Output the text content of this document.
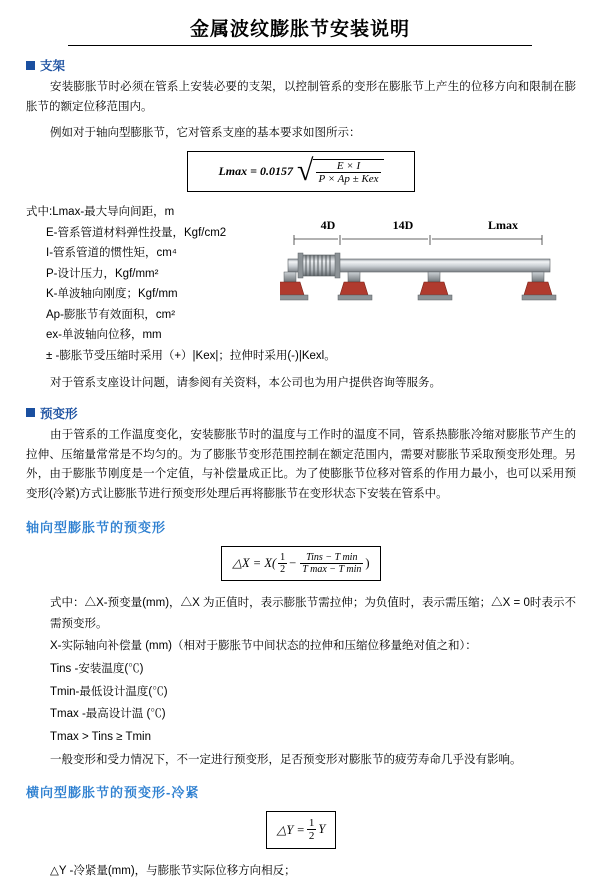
金属波纹膨胀节安装说明
支架

安装膨胀节时必须在管系上安装必要的支架，以控制管系的变形在膨胀节上产生的位移方向和限制在膨胀节的额定位移范围内。

例如对于轴向型膨胀节，它对管系支座的基本要求如图所示：

Lmax = 0.0157 √ $\frac{E \times I}{\text{P × Ap ± Kex}}$
式中:Lmax-最大导向间距，m
E-管系管道材料弹性投量，Kgf/cm2
I-管系管道的惯性矩，cm⁴
P-设计压力，Kgf/mm²
K-单波轴向刚度；Kgf/mm
Ap-膨胀节有效面积，cm²
ex-单波轴向位移，mm
± -膨胀节受压缩时采用（+）|Kex|；拉伸时采用(-)|Kexl。
4D	14D	Lmax

对于管系支座设计问题，请参阅有关资料，本公司也为用户提供咨询等服务。

预变形

由于管系的工作温度变化，安装膨胀节时的温度与工作时的温度不同，管系热膨胀冷缩对膨胀节产生的拉伸、压缩量常常是不均匀的。为了膨胀节变形范围控制在额定范围内，需要对膨胀节采取预变形处理。另外，由于膨胀节刚度是一个定值，与补偿量成正比。为了使膨胀节位移对管系的作用力最小，也可以采用预变形(冷紧)方式让膨胀节进行预变形处理后再将膨胀节在变形状态下安装在管系中。

轴向型膨胀节的预变形
△X = $X( \frac{1}{2} - \frac{\text{Tins − T min}}{\text{T max − T min}}$ )

式中：△X-预变量(mm)，△X 为正值时，表示膨胀节需拉伸；为负值时，表示需压缩；△X = 0时表示不需预变形。

X-实际轴向补偿量 (mm)（相对于膨胀节中间状态的拉伸和压缩位移量绝对值之和）：

Tins -安装温度(℃)

Tmin-最低设计温度(℃)

Tmax -最高设计温 (℃)

Tmax > Tins ≥ Tmin

一般变形和受力情况下，不一定进行预变形，足否预变形对膨胀节的疲劳寿命几乎没有影响。

横向型膨胀节的预变形-冷紧
△Y = $\frac{1}{2}$ Y

△Y -冷紧量(mm)，与膨胀节实际位移方向相反；
